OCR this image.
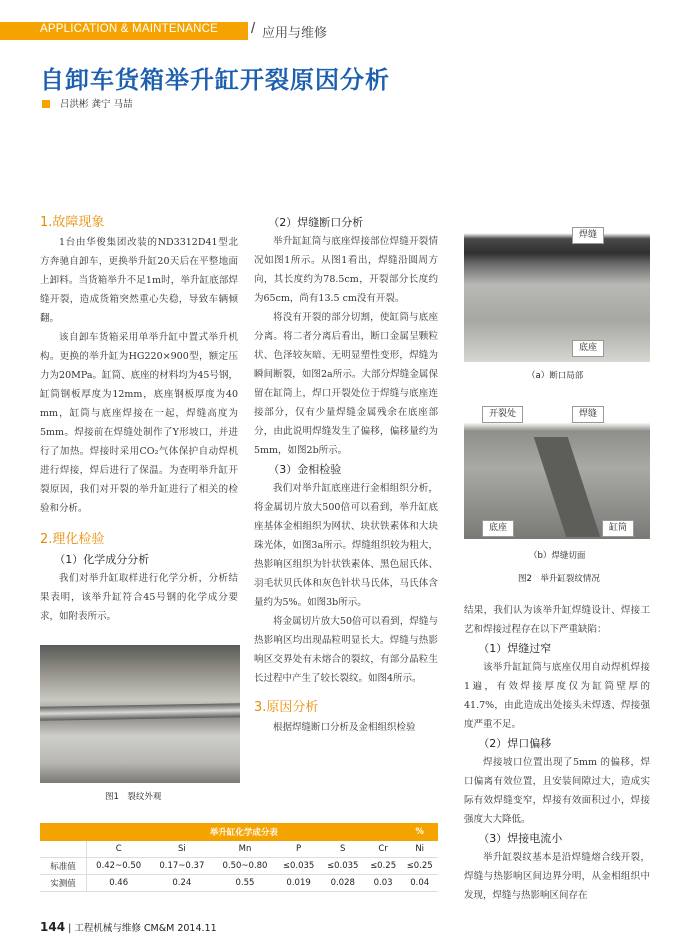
APPLICATION & MAINTENANCE / 应用与维修
自卸车货箱举升缸开裂原因分析
吕洪彬 龚宁 马喆

1.故障现象

1台由华俊集团改装的ND3312D41型北方奔驰自卸车，更换举升缸20天后在平整地面上卸料。当货箱举升不足1m时，举升缸底部焊缝开裂，造成货箱突然重心失稳，导致车辆倾翻。

该自卸车货箱采用单举升缸中置式举升机构。更换的举升缸为HG220×900型，额定压力为20MPa。缸筒、底座的材料均为45号钢，缸筒钢板厚度为12mm，底座钢板厚度为40 mm，缸筒与底座焊接在一起，焊缝高度为5mm。焊接前在焊缝处制作了Y形坡口，并进行了加热。焊接时采用CO₂气体保护自动焊机进行焊接，焊后进行了保温。为查明举升缸开裂原因，我们对开裂的举升缸进行了相关的检验和分析。

2.理化检验

（1）化学成分分析

我们对举升缸取样进行化学分析，分析结果表明，该举升缸符合45号钢的化学成分要求，如附表所示。

图1　裂纹外观

（2）焊缝断口分析

举升缸缸筒与底座焊接部位焊缝开裂情况如图1所示。从图1看出，焊缝沿圆周方向，其长度约为78.5cm，开裂部分长度约为65cm，尚有13.5 cm没有开裂。

将没有开裂的部分切割，使缸筒与底座分离。将二者分离后看出，断口金属呈颗粒状、色泽较灰暗、无明显塑性变形，焊缝为瞬间断裂，如图2a所示。大部分焊缝金属保留在缸筒上，焊口开裂处位于焊缝与底座连接部分，仅有少量焊缝金属残余在底座部分，由此说明焊缝发生了偏移，偏移量约为5mm，如图2b所示。

（3）金相检验

我们对举升缸底座进行金相组织分析，将金属切片放大500倍可以看到，举升缸底座基体金相组织为网状、块状铁素体和大块珠光体，如图3a所示。焊缝组织较为粗大，热影响区组织为针状铁素体、黑色屈氏体、羽毛状贝氏体和灰色针状马氏体，马氏体含量约为5%。如图3b所示。

将金属切片放大50倍可以看到，焊缝与热影响区均出现晶粒明显长大。焊缝与热影响区交界处有未熔合的裂纹，有部分晶粒生长过程中产生了较长裂纹。如图4所示。

3.原因分析

根据焊缝断口分析及金相组织检验

焊缝
底座
（a）断口局部
开裂处	焊缝
底座	缸筒
（b）焊缝切面
图2　举升缸裂纹情况

结果，我们认为该举升缸焊缝设计、焊接工艺和焊接过程存在以下严重缺陷：

（1）焊缝过窄

该举升缸缸筒与底座仅用自动焊机焊接1遍，有效焊接厚度仅为缸筒壁厚的41.7%，由此造成出处接头未焊透、焊接强度严重不足。

（2）焊口偏移

焊接坡口位置出现了5mm 的偏移，焊口偏离有效位置，且安装间隙过大，造成实际有效焊缝变窄，焊接有效面积过小，焊接强度大大降低。

（3）焊接电流小

举升缸裂纹基本是沿焊缝熔合线开裂，焊缝与热影响区间边界分明，从金相组织中发现，焊缝与热影响区间存在

	举升缸化学成分表						%
	C	Si	Mn	P	S	Cr	Ni
标准值	0.42~0.50	0.17~0.37	0.50~0.80	≤0.035	≤0.035	≤0.25	≤0.25
实测值	0.46	0.24	0.55	0.019	0.028	0.03	0.04
144 | 工程机械与维修 CM&M 2014.11
